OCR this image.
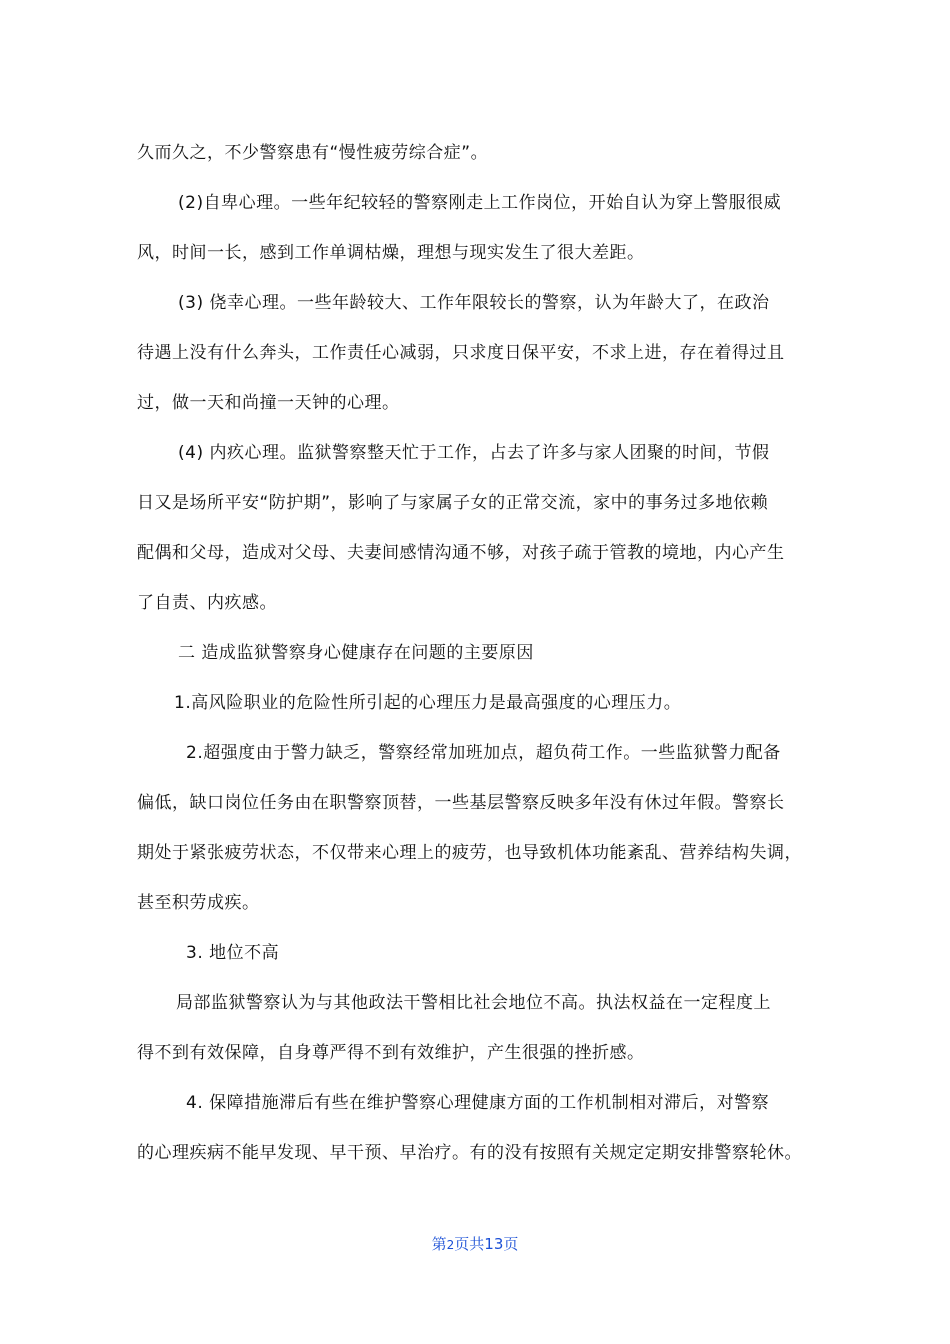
久而久之，不少警察患有“慢性疲劳综合症”。
(2)自卑心理。一些年纪较轻的警察刚走上工作岗位，开始自认为穿上警服很威
风，时间一长，感到工作单调枯燥，理想与现实发生了很大差距。
(3) 侥幸心理。一些年龄较大、工作年限较长的警察，认为年龄大了，在政治
待遇上没有什么奔头，工作责任心减弱，只求度日保平安，不求上进，存在着得过且
过，做一天和尚撞一天钟的心理。
(4) 内疚心理。监狱警察整天忙于工作，占去了许多与家人团聚的时间，节假
日又是场所平安“防护期”，影响了与家属子女的正常交流，家中的事务过多地依赖
配偶和父母，造成对父母、夫妻间感情沟通不够，对孩子疏于管教的境地，内心产生
了自责、内疚感。
二 造成监狱警察身心健康存在问题的主要原因
1.高风险职业的危险性所引起的心理压力是最高强度的心理压力。
2.超强度由于警力缺乏，警察经常加班加点，超负荷工作。一些监狱警力配备
偏低，缺口岗位任务由在职警察顶替，一些基层警察反映多年没有休过年假。警察长
期处于紧张疲劳状态，不仅带来心理上的疲劳，也导致机体功能紊乱、营养结构失调，
甚至积劳成疾。
3. 地位不高
局部监狱警察认为与其他政法干警相比社会地位不高。执法权益在一定程度上
得不到有效保障，自身尊严得不到有效维护，产生很强的挫折感。
4. 保障措施滞后有些在维护警察心理健康方面的工作机制相对滞后，对警察
的心理疾病不能早发现、早干预、早治疗。有的没有按照有关规定定期安排警察轮休。
第2页共13页
